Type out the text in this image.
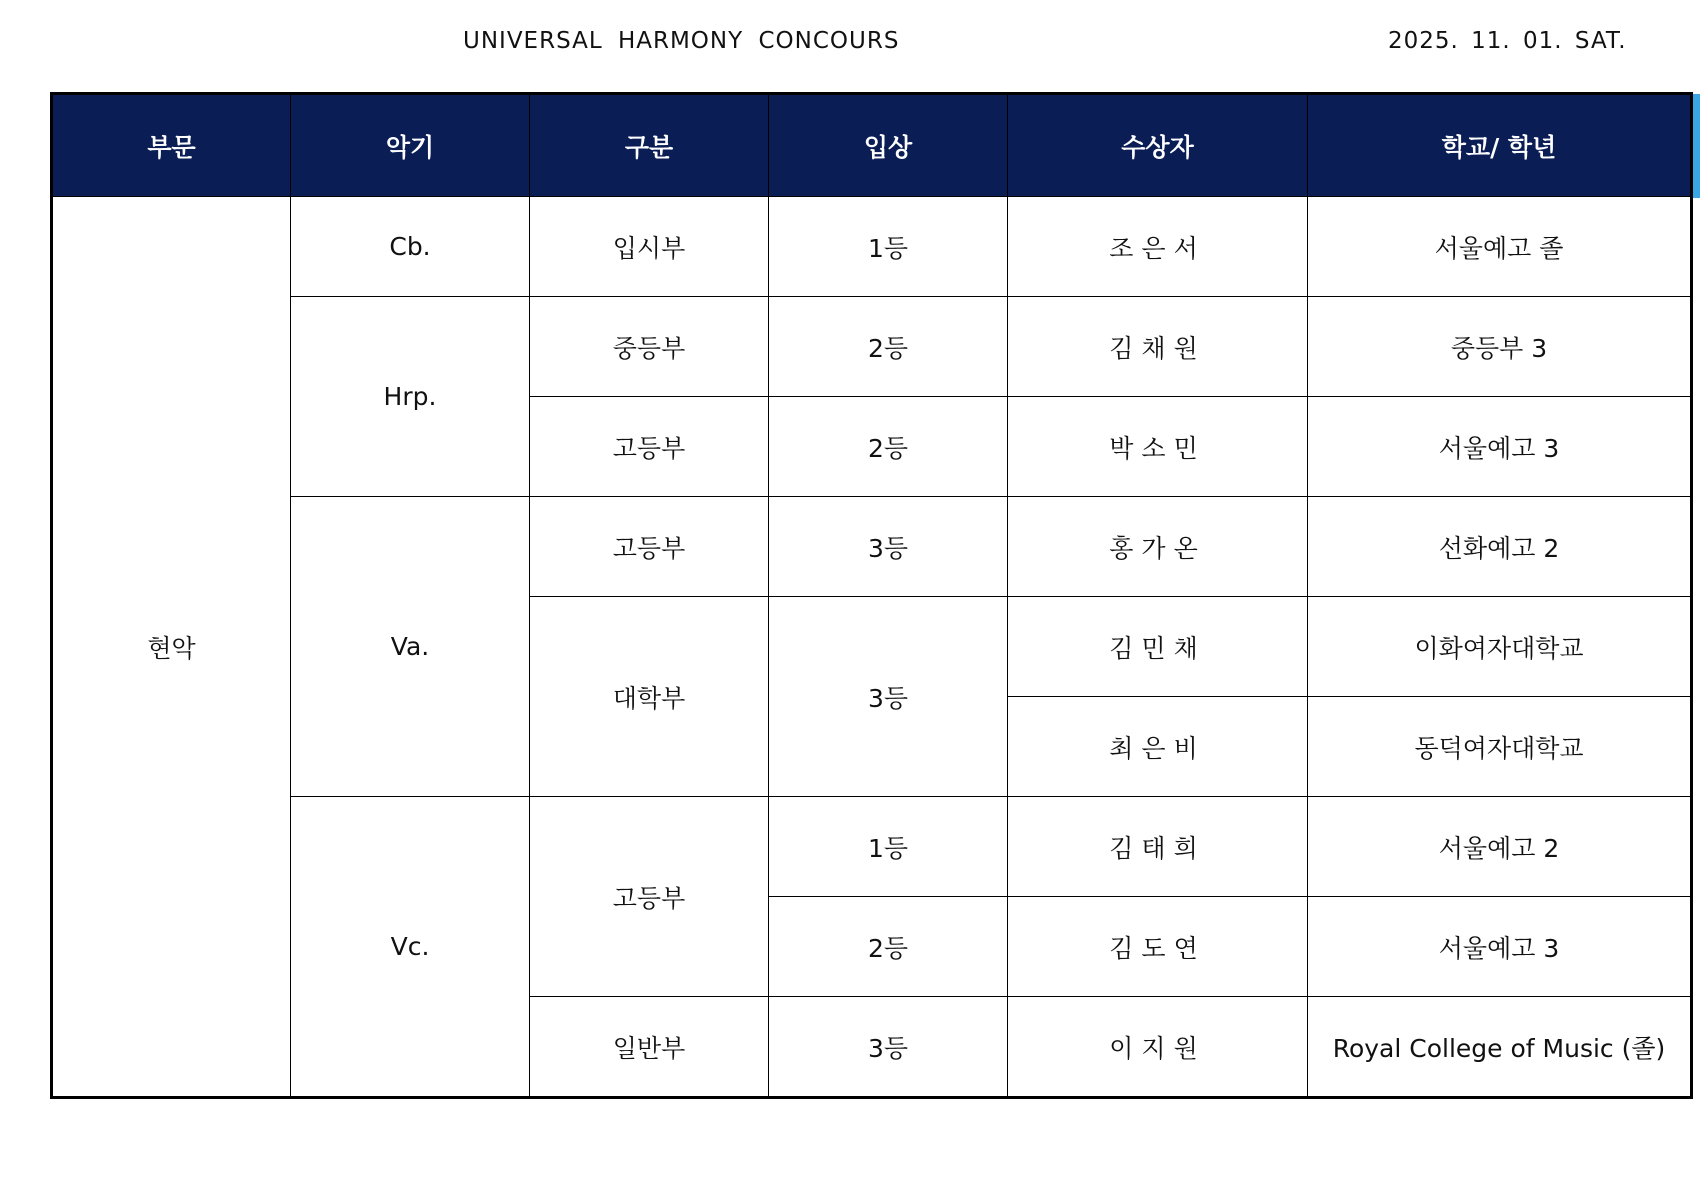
UNIVERSAL HARMONY CONCOURS	2025. 11. 01. SAT.
부문	악기	구분	입상	수상자	학교/ 학년
현악	Cb.	입시부	1등	조은서	서울예고 졸
	Hrp.	중등부	2등	김채원	중등부 3
		고등부	2등	박소민	서울예고 3
	Va.	고등부	3등	홍가온	선화예고 2
		대학부	3등	김민채	이화여자대학교
				최은비	동덕여자대학교
	Vc.	고등부	1등	김태희	서울예고 2
			2등	김도연	서울예고 3
		일반부	3등	이지원	Royal College of Music (졸)
